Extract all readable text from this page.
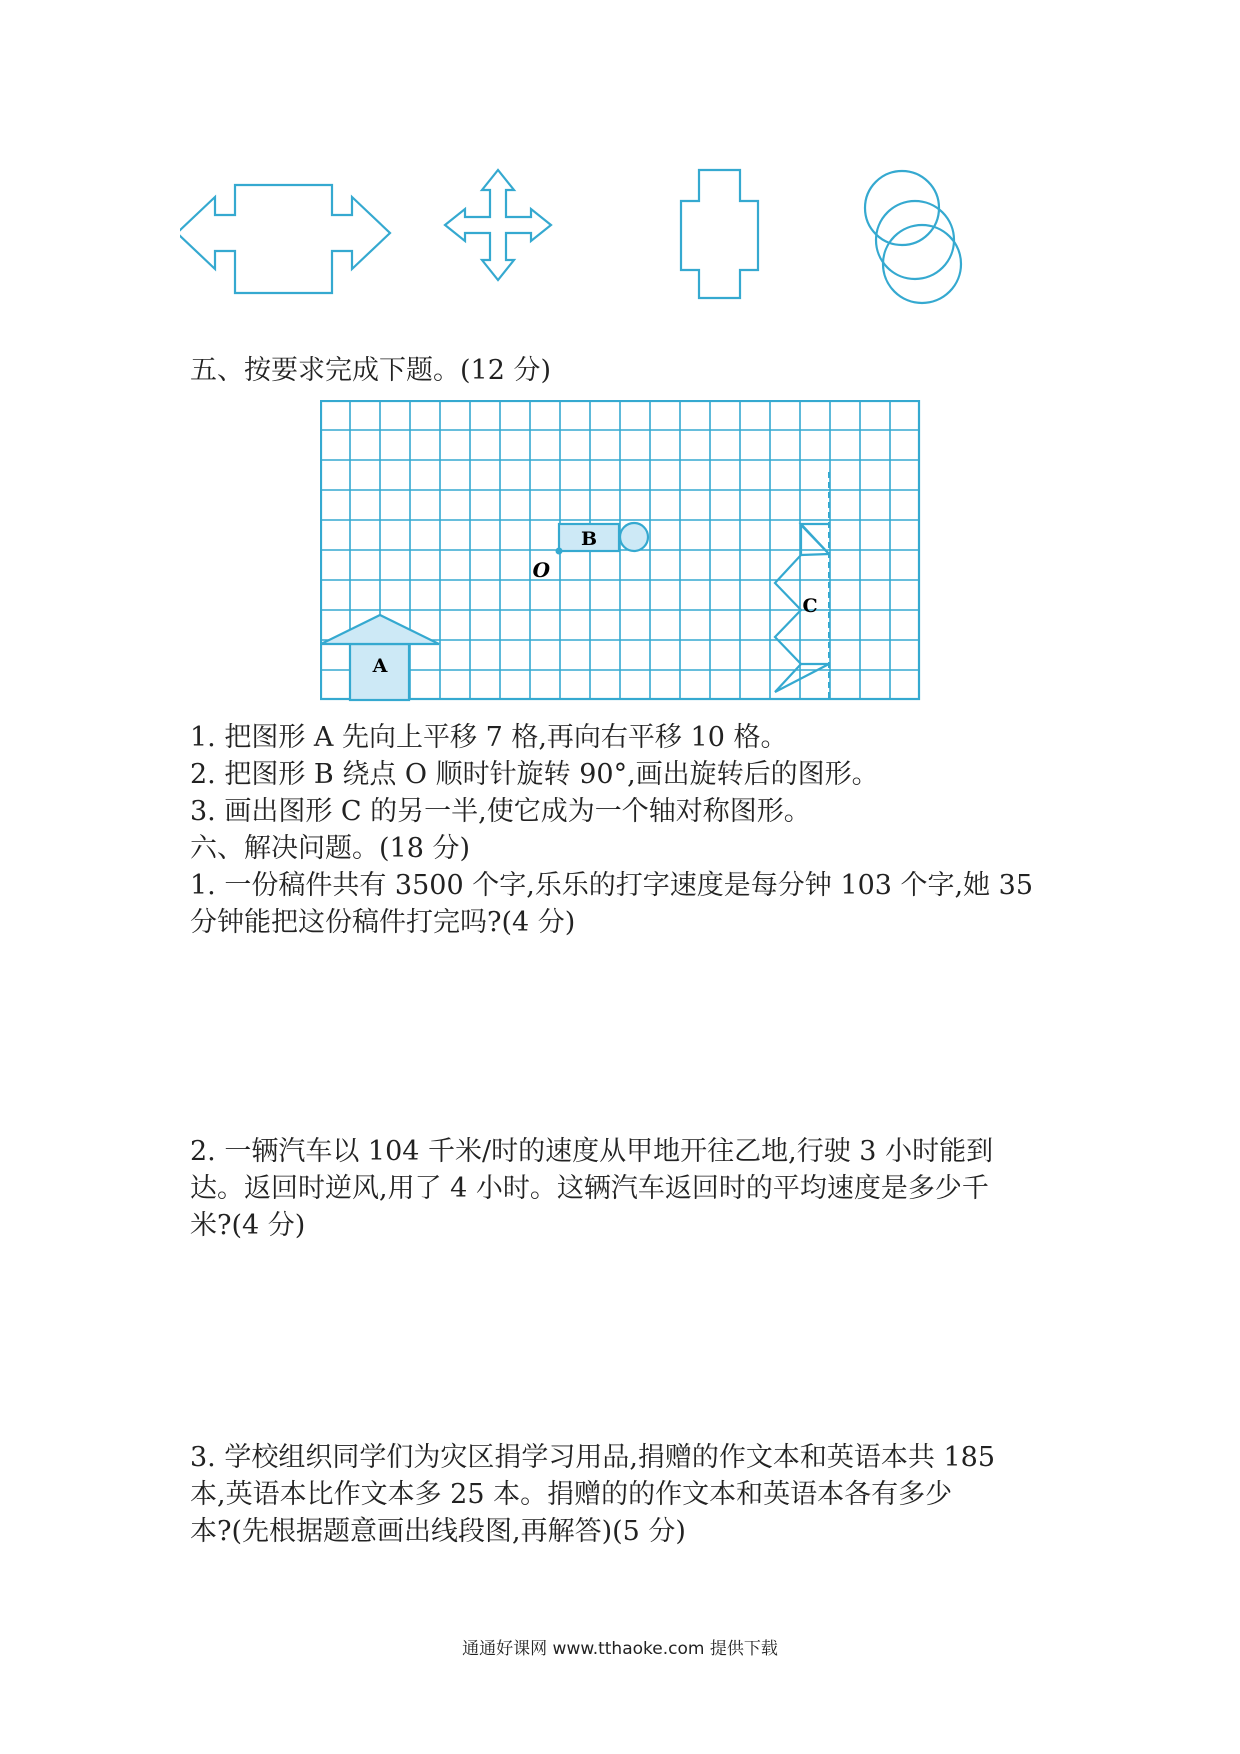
五、按要求完成下题。(12 分)
A
B
O
C
1. 把图形 A 先向上平移 7 格,再向右平移 10 格。
2. 把图形 B 绕点 O 顺时针旋转 90°,画出旋转后的图形。
3. 画出图形 C 的另一半,使它成为一个轴对称图形。
六、解决问题。(18 分)
1. 一份稿件共有 3500 个字,乐乐的打字速度是每分钟 103 个字,她 35
分钟能把这份稿件打完吗?(4 分)
2. 一辆汽车以 104 千米/时的速度从甲地开往乙地,行驶 3 小时能到
达。返回时逆风,用了 4 小时。这辆汽车返回时的平均速度是多少千
米?(4 分)
3. 学校组织同学们为灾区捐学习用品,捐赠的作文本和英语本共 185
本,英语本比作文本多 25 本。捐赠的的作文本和英语本各有多少
本?(先根据题意画出线段图,再解答)(5 分)
通通好课网 www.tthaoke.com 提供下载
